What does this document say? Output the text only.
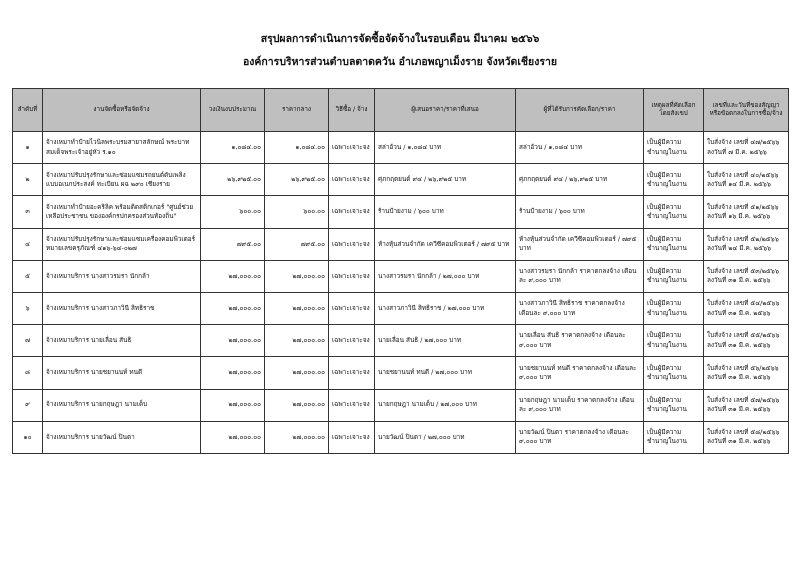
สรุปผลการดำเนินการจัดซื้อจัดจ้างในรอบเดือน มีนาคม ๒๕๖๖
องค์การบริหารส่วนตำบลตาดควัน อำเภอพญาเม็งราย จังหวัดเชียงราย
ลำดับที่	งานจัดซื้อหรือจัดจ้าง	วงเงินงบประมาณ	ราคากลาง	วิธีซื้อ / จ้าง	ผู้เสนอราคา/ราคาที่เสนอ	ผู้ที่ได้รับการคัดเลือก/ราคา	เหตุผลที่คัดเลือกโดยสังเขป	เลขที่และวันที่ของสัญญาหรือข้อตกลงในการซื้อ/จ้าง
๑	จ้างเหมาทำป้ายไวนิลพระบรมสายาสลักษณ์ พระบาทสมเด็จพระเจ้าอยู่หัว ร.๑๐	๑,๐๘๔.๐๐	๑,๐๘๔.๐๐	เฉพาะเจาะจง	สล่าอ้วน / ๑,๐๘๔ บาท	สล่าอ้วน / ๑,๐๘๔ บาท	เป็นผู้มีความชำนาญในงาน	ใบสั่งจ้าง เลขที่ ๔๗/๒๕๖๖ ลงวันที่ ๗ มี.ค. ๒๕๖๖
๒	จ้างเหมาปรับปรุงรักษาและซ่อมแซมรถยนต์ดับเพลิง แบบอเนกประสงค์ ทะเบียน ผฉ ๒๙๐ เชียงราย	๒๖,๙๒๕.๐๐	๒๖,๙๒๕.๐๐	เฉพาะเจาะจง	ศุภกฤตยนต์ ๙๔ / ๒๖,๙๒๕ บาท	ศุภกฤตยนต์ ๙๔ / ๒๖,๙๒๕ บาท	เป็นผู้มีความชำนาญในงาน	ใบสั่งจ้าง เลขที่ ๔๐/๒๕๖๖ ลงวันที่ ๑๔ มี.ค. ๒๕๖๖
๓	จ้างเหมาทำป้ายอะคริลิค พร้อมติดสติกเกอร์ "ศูนย์ช่วยเหลือประชาชน ขององค์กรปกครองส่วนท้องถิ่น"	๖๐๐.๐๐	๖๐๐.๐๐	เฉพาะเจาะจง	ร้านป้ายงาม / ๖๐๐ บาท	ร้านป้ายงาม / ๖๐๐ บาท	เป็นผู้มีความชำนาญในงาน	ใบสั่งจ้าง เลขที่ ๕๑/๒๕๖๖ ลงวันที่ ๑๖ มี.ค. ๒๕๖๖
๔	จ้างเหมาปรับปรุงรักษาและซ่อมแซมเครื่องคอมพิวเตอร์ หมายเลขครุภัณฑ์ ๔๑๖-๖๔-๐๒๗	๗๙๕.๐๐	๗๙๕.๐๐	เฉพาะเจาะจง	ห้างหุ้นส่วนจำกัด เควีซีคอมพิวเตอร์ / ๗๙๕ บาท	ห้างหุ้นส่วนจำกัด เควีซีคอมพิวเตอร์ / ๗๙๕ บาท	เป็นผู้มีความชำนาญในงาน	ใบสั่งจ้าง เลขที่ ๕๒/๒๕๖๖ ลงวันที่ ๒๔ มี.ค. ๒๕๖๖
๕	จ้างเหมาบริการ นางสาวรมรา นักกล้า	๒๗,๐๐๐.๐๐	๒๗,๐๐๐.๐๐	เฉพาะเจาะจง	นางสาวรมรา นักกล้า / ๒๗,๐๐๐ บาท	นางสาวรมรา นักกล้า ราคาตกลงจ้าง เดือนละ ๙,๐๐๐ บาท	เป็นผู้มีความชำนาญในงาน	ใบสั่งจ้าง เลขที่ ๕๓/๒๕๖๖ ลงวันที่ ๓๑ มี.ค. ๒๕๖๖
๖	จ้างเหมาบริการ นางสาวภาวินี สิทธิราช	๒๗,๐๐๐.๐๐	๒๗,๐๐๐.๐๐	เฉพาะเจาะจง	นางสาวภาวินี สิทธิราช / ๒๗,๐๐๐ บาท	นางสาวภาวินี สิทธิราช ราคาตกลงจ้าง เดือนละ ๙,๐๐๐ บาท	เป็นผู้มีความชำนาญในงาน	ใบสั่งจ้าง เลขที่ ๕๔/๒๕๖๖ ลงวันที่ ๓๑ มี.ค. ๒๕๖๖
๗	จ้างเหมาบริการ นายเลื่อน สันธิ	๒๗,๐๐๐.๐๐	๒๗,๐๐๐.๐๐	เฉพาะเจาะจง	นายเลื่อน สันธิ / ๒๗,๐๐๐ บาท	นายเลื่อน สันธิ ราคาตกลงจ้าง เดือนละ ๙,๐๐๐ บาท	เป็นผู้มีความชำนาญในงาน	ใบสั่งจ้าง เลขที่ ๕๕/๒๕๖๖ ลงวันที่ ๓๑ มี.ค. ๒๕๖๖
๘	จ้างเหมาบริการ นายชยานนท์ ทนดี	๒๗,๐๐๐.๐๐	๒๗,๐๐๐.๐๐	เฉพาะเจาะจง	นายชยานนท์ ทนดี / ๒๗,๐๐๐ บาท	นายชยานนท์ ทนดี ราคาตกลงจ้าง เดือนละ ๙,๐๐๐ บาท	เป็นผู้มีความชำนาญในงาน	ใบสั่งจ้าง เลขที่ ๕๖/๒๕๖๖ ลงวันที่ ๓๑ มี.ค. ๒๕๖๖
๙	จ้างเหมาบริการ นายกฤษฎา นามเด็บ	๒๗,๐๐๐.๐๐	๒๗,๐๐๐.๐๐	เฉพาะเจาะจง	นายกฤษฎา นามเด็บ / ๒๗,๐๐๐ บาท	นายกฤษฎา นามเด็บ ราคาตกลงจ้าง เดือนละ ๙,๐๐๐ บาท	เป็นผู้มีความชำนาญในงาน	ใบสั่งจ้าง เลขที่ ๕๗/๒๕๖๖ ลงวันที่ ๓๑ มี.ค. ๒๕๖๖
๑๐	จ้างเหมาบริการ นายวัฒน์ ปินตา	๒๗,๐๐๐.๐๐	๒๗,๐๐๐.๐๐	เฉพาะเจาะจง	นายวัฒน์ ปินตา / ๒๗,๐๐๐ บาท	นายวัฒน์ ปินตา ราคาตกลงจ้าง เดือนละ ๙,๐๐๐ บาท	เป็นผู้มีความชำนาญในงาน	ใบสั่งจ้าง เลขที่ ๕๘/๒๕๖๖ ลงวันที่ ๓๑ มี.ค. ๒๕๖๖
